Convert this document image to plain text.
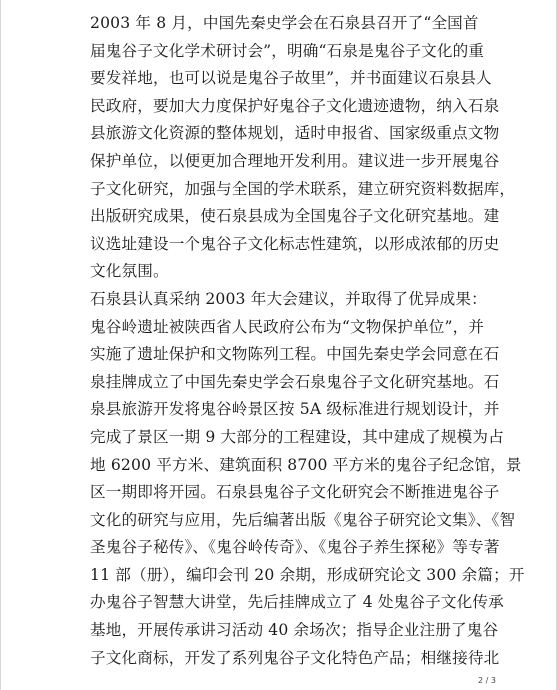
2003 年 8 月，中国先秦史学会在石泉县召开了“全国首
届鬼谷子文化学术研讨会”，明确“石泉是鬼谷子文化的重
要发祥地，也可以说是鬼谷子故里”，并书面建议石泉县人
民政府，要加大力度保护好鬼谷子文化遗迹遗物，纳入石泉
县旅游文化资源的整体规划，适时申报省、国家级重点文物
保护单位，以便更加合理地开发利用。建议进一步开展鬼谷
子文化研究，加强与全国的学术联系，建立研究资料数据库，
出版研究成果，使石泉县成为全国鬼谷子文化研究基地。建
议选址建设一个鬼谷子文化标志性建筑，以形成浓郁的历史
文化氛围。
石泉县认真采纳 2003 年大会建议，并取得了优异成果：
鬼谷岭遗址被陕西省人民政府公布为“文物保护单位”，并
实施了遗址保护和文物陈列工程。中国先秦史学会同意在石
泉挂牌成立了中国先秦史学会石泉鬼谷子文化研究基地。石
泉县旅游开发将鬼谷岭景区按 5A 级标准进行规划设计，并
完成了景区一期 9 大部分的工程建设，其中建成了规模为占
地 6200 平方米、建筑面积 8700 平方米的鬼谷子纪念馆，景
区一期即将开园。石泉县鬼谷子文化研究会不断推进鬼谷子
文化的研究与应用，先后编著出版《鬼谷子研究论文集》、《智
圣鬼谷子秘传》、《鬼谷岭传奇》、《鬼谷子养生探秘》等专著
11 部（册），编印会刊 20 余期，形成研究论文 300 余篇；开
办鬼谷子智慧大讲堂，先后挂牌成立了 4 处鬼谷子文化传承
基地，开展传承讲习活动 40 余场次；指导企业注册了鬼谷
子文化商标，开发了系列鬼谷子文化特色产品；相继接待北
2 / 3
